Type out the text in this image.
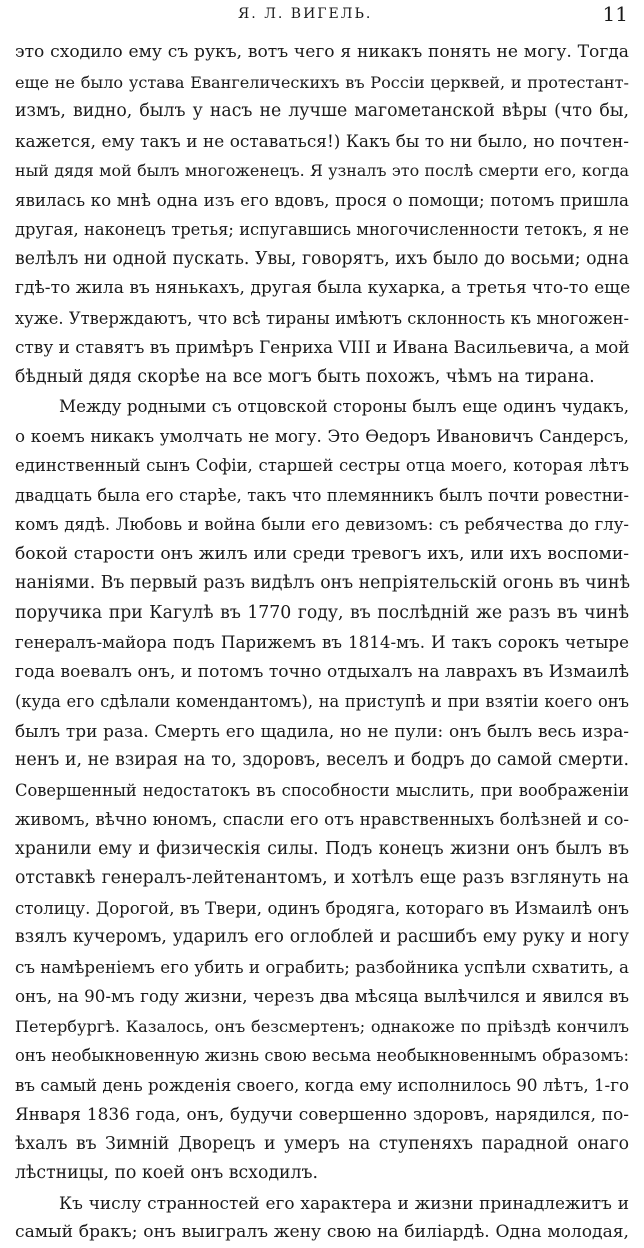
Я. Л. ВИГЕЛЬ.	11
это сходило ему съ рукъ, вотъ чего я никакъ понять не могу. Тогда
еще не было устава Евангелическихъ въ Россiи церквей, и протестант-
измъ, видно, былъ у насъ не лучше магометанской вѣры (что бы,
кажется, ему такъ и не оставаться!) Какъ бы то ни было, но почтен-
ный дядя мой былъ многоженецъ. Я узналъ это послѣ смерти его, когда
явилась ко мнѣ одна изъ его вдовъ, прося о помощи; потомъ пришла
другая, наконецъ третья; испугавшись многочисленности тетокъ, я не
велѣлъ ни одной пускать. Увы, говорятъ, ихъ было до восьми; одна
гдѣ-то жила въ нянькахъ, другая была кухарка, а третья что-то еще
хуже. Утверждаютъ, что всѣ тираны имѣютъ склонность къ многожен-
ству и ставятъ въ примѣръ Генриха VIII и Ивана Васильевича, а мой
бѣдный дядя скорѣе на все могъ быть похожъ, чѣмъ на тирана.
Между родными съ отцовской стороны былъ еще одинъ чудакъ,
о коемъ никакъ умолчать не могу. Это Ѳедоръ Ивановичъ Сандерсъ,
единственный сынъ Софiи, старшей сестры отца моего, которая лѣтъ
двадцать была его старѣе, такъ что племянникъ былъ почти ровестни-
комъ дядѣ. Любовь и война были его девизомъ: съ ребячества до глу-
бокой старости онъ жилъ или среди тревогъ ихъ, или ихъ воспоми-
нанiями. Въ первый разъ видѣлъ онъ непрiятельскiй огонь въ чинѣ
поручика при Кагулѣ въ 1770 году, въ послѣднiй же разъ въ чинѣ
генералъ-майора подъ Парижемъ въ 1814-мъ. И такъ сорокъ четыре
года воевалъ онъ, и потомъ точно отдыхалъ на лаврахъ въ Измаилѣ
(куда его сдѣлали комендантомъ), на приступѣ и при взятiи коего онъ
былъ три раза. Смерть его щадила, но не пули: онъ былъ весь изра-
ненъ и, не взирая на то, здоровъ, веселъ и бодръ до самой смерти.
Совершенный недостатокъ въ способности мыслить, при воображенiи
живомъ, вѣчно юномъ, спасли его отъ нравственныхъ болѣзней и со-
хранили ему и физическiя силы. Подъ конецъ жизни онъ былъ въ
отставкѣ генералъ-лейтенантомъ, и хотѣлъ еще разъ взглянуть на
столицу. Дорогой, въ Твери, одинъ бродяга, котораго въ Измаилѣ онъ
взялъ кучеромъ, ударилъ его оглоблей и расшибъ ему руку и ногу
съ намѣренiемъ его убить и ограбить; разбойника успѣли схватить, а
онъ, на 90-мъ году жизни, черезъ два мѣсяца вылѣчился и явился въ
Петербургѣ. Казалось, онъ безсмертенъ; однакоже по прiѣздѣ кончилъ
онъ необыкновенную жизнь свою весьма необыкновеннымъ образомъ:
въ самый день рожденiя своего, когда ему исполнилось 90 лѣтъ, 1-го
Января 1836 года, онъ, будучи совершенно здоровъ, нарядился, по-
ѣхалъ въ Зимнiй Дворецъ и умеръ на ступеняхъ парадной онаго
лѣстницы, по коей онъ всходилъ.
Къ числу странностей его характера и жизни принадлежитъ и
самый бракъ; онъ выигралъ жену свою на билiардѣ. Одна молодая,
